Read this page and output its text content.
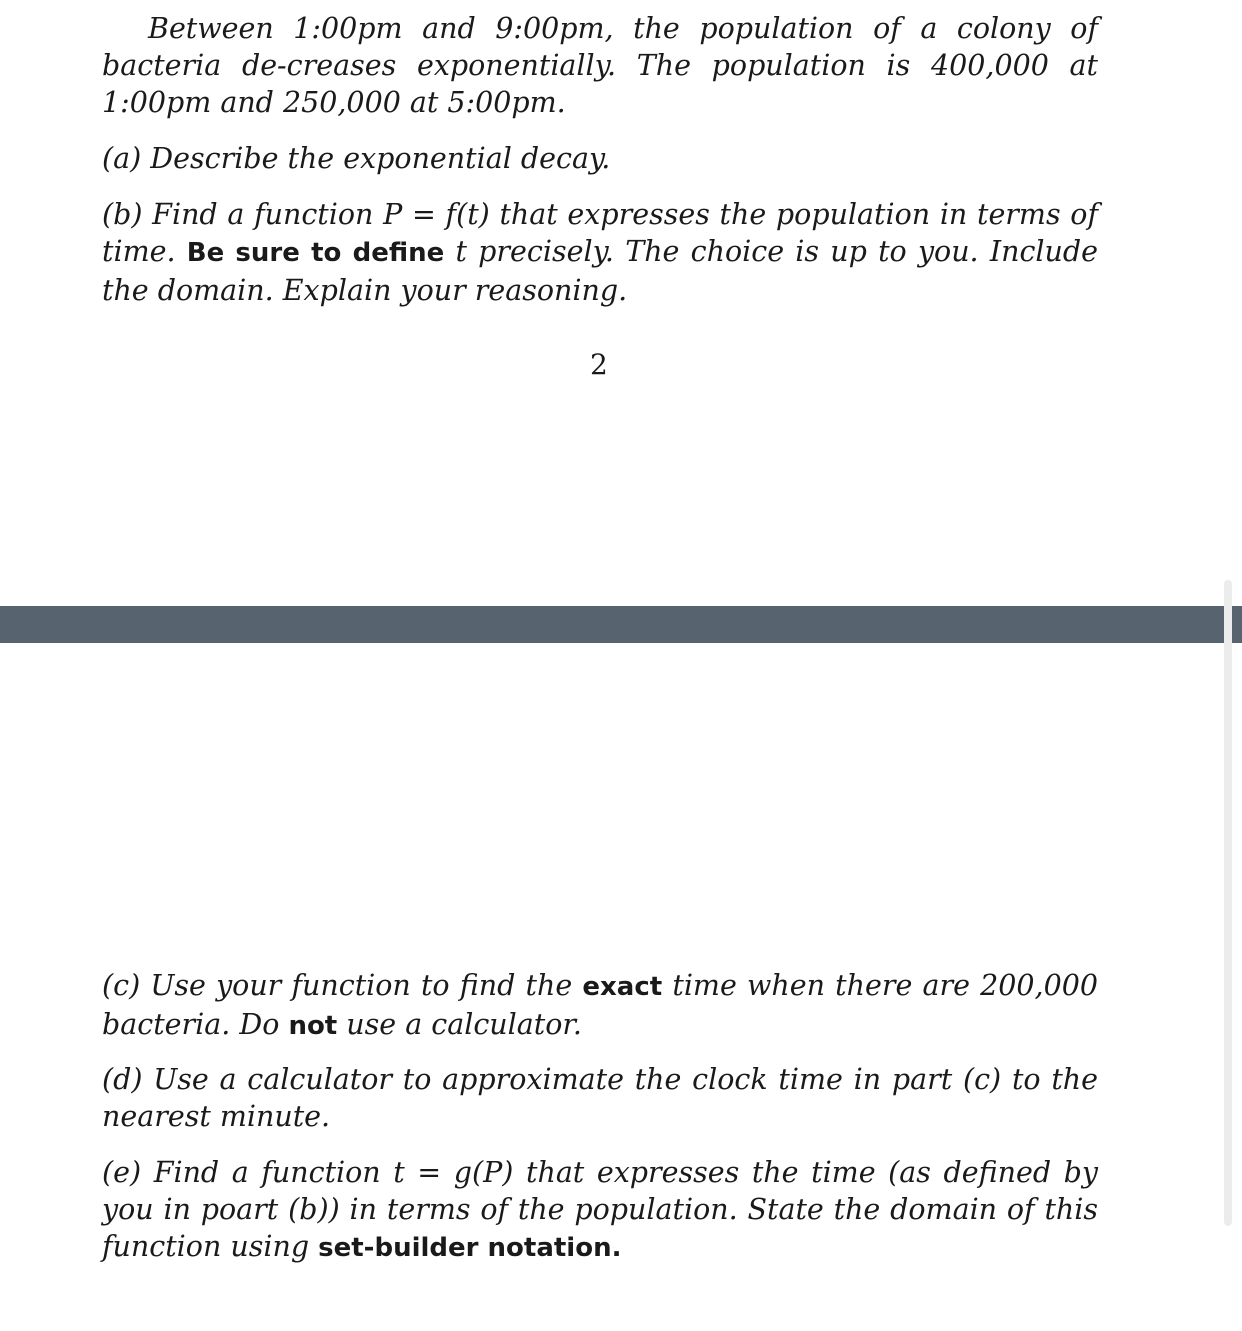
Between 1:00pm and 9:00pm, the population of a colony of bacteria de-creases exponentially. The population is 400,000 at 1:00pm and 250,000 at 5:00pm.

(a) Describe the exponential decay.

(b) Find a function P = f(t) that expresses the population in terms of time. Be sure to define t precisely. The choice is up to you. Include the domain. Explain your reasoning.

2

(c) Use your function to find the exact time when there are 200,000 bacteria. Do not use a calculator.

(d) Use a calculator to approximate the clock time in part (c) to the nearest minute.

(e) Find a function t = g(P) that expresses the time (as defined by you in poart (b)) in terms of the population. State the domain of this function using set-builder notation.
